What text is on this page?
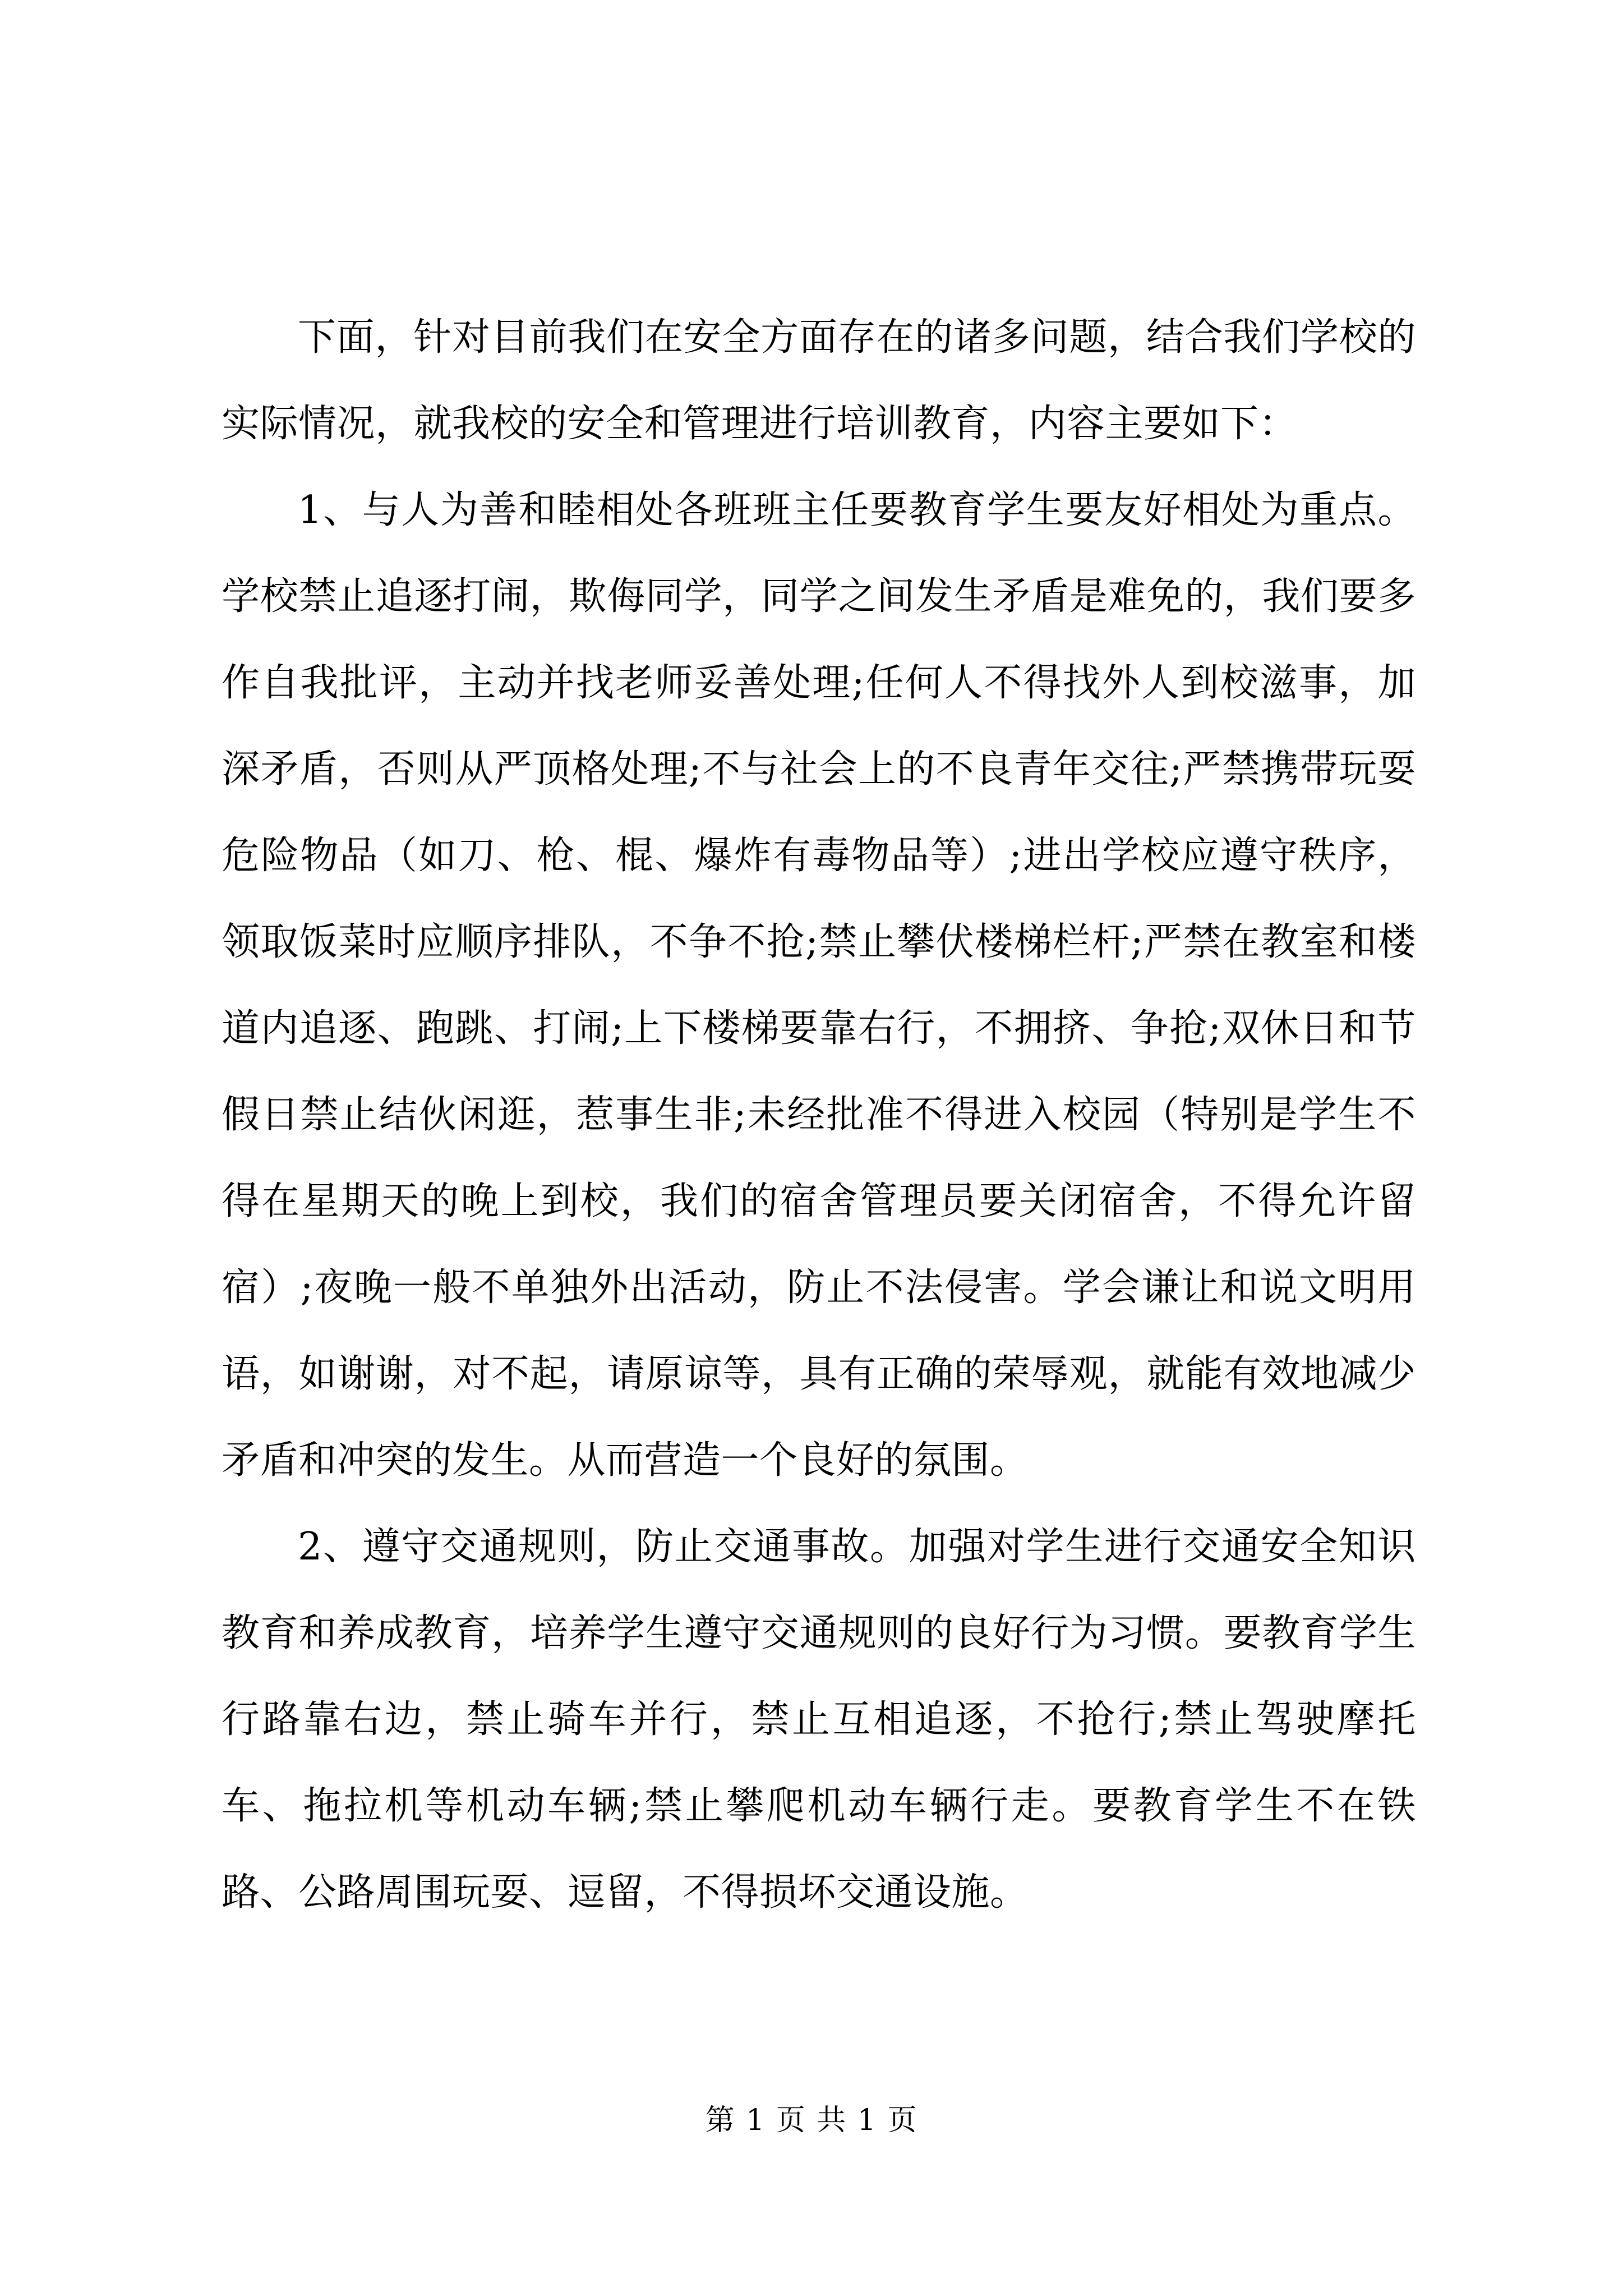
下面，针对目前我们在安全方面存在的诸多问题，结合我们学校的实际情况，就我校的安全和管理进行培训教育，内容主要如下：

1、与人为善和睦相处各班班主任要教育学生要友好相处为重点。学校禁止追逐打闹，欺侮同学，同学之间发生矛盾是难免的，我们要多作自我批评，主动并找老师妥善处理;任何人不得找外人到校滋事，加深矛盾，否则从严顶格处理;不与社会上的不良青年交往;严禁携带玩耍危险物品（如刀、枪、棍、爆炸有毒物品等）;进出学校应遵守秩序，领取饭菜时应顺序排队，不争不抢;禁止攀伏楼梯栏杆;严禁在教室和楼道内追逐、跑跳、打闹;上下楼梯要靠右行，不拥挤、争抢;双休日和节假日禁止结伙闲逛，惹事生非;未经批准不得进入校园（特别是学生不得在星期天的晚上到校，我们的宿舍管理员要关闭宿舍，不得允许留宿）;夜晚一般不单独外出活动，防止不法侵害。学会谦让和说文明用语，如谢谢，对不起，请原谅等，具有正确的荣辱观，就能有效地减少矛盾和冲突的发生。从而营造一个良好的氛围。

2、遵守交通规则，防止交通事故。加强对学生进行交通安全知识教育和养成教育，培养学生遵守交通规则的良好行为习惯。要教育学生行路靠右边，禁止骑车并行，禁止互相追逐，不抢行;禁止驾驶摩托车、拖拉机等机动车辆;禁止攀爬机动车辆行走。要教育学生不在铁路、公路周围玩耍、逗留，不得损坏交通设施。

第 1 页 共 1 页
